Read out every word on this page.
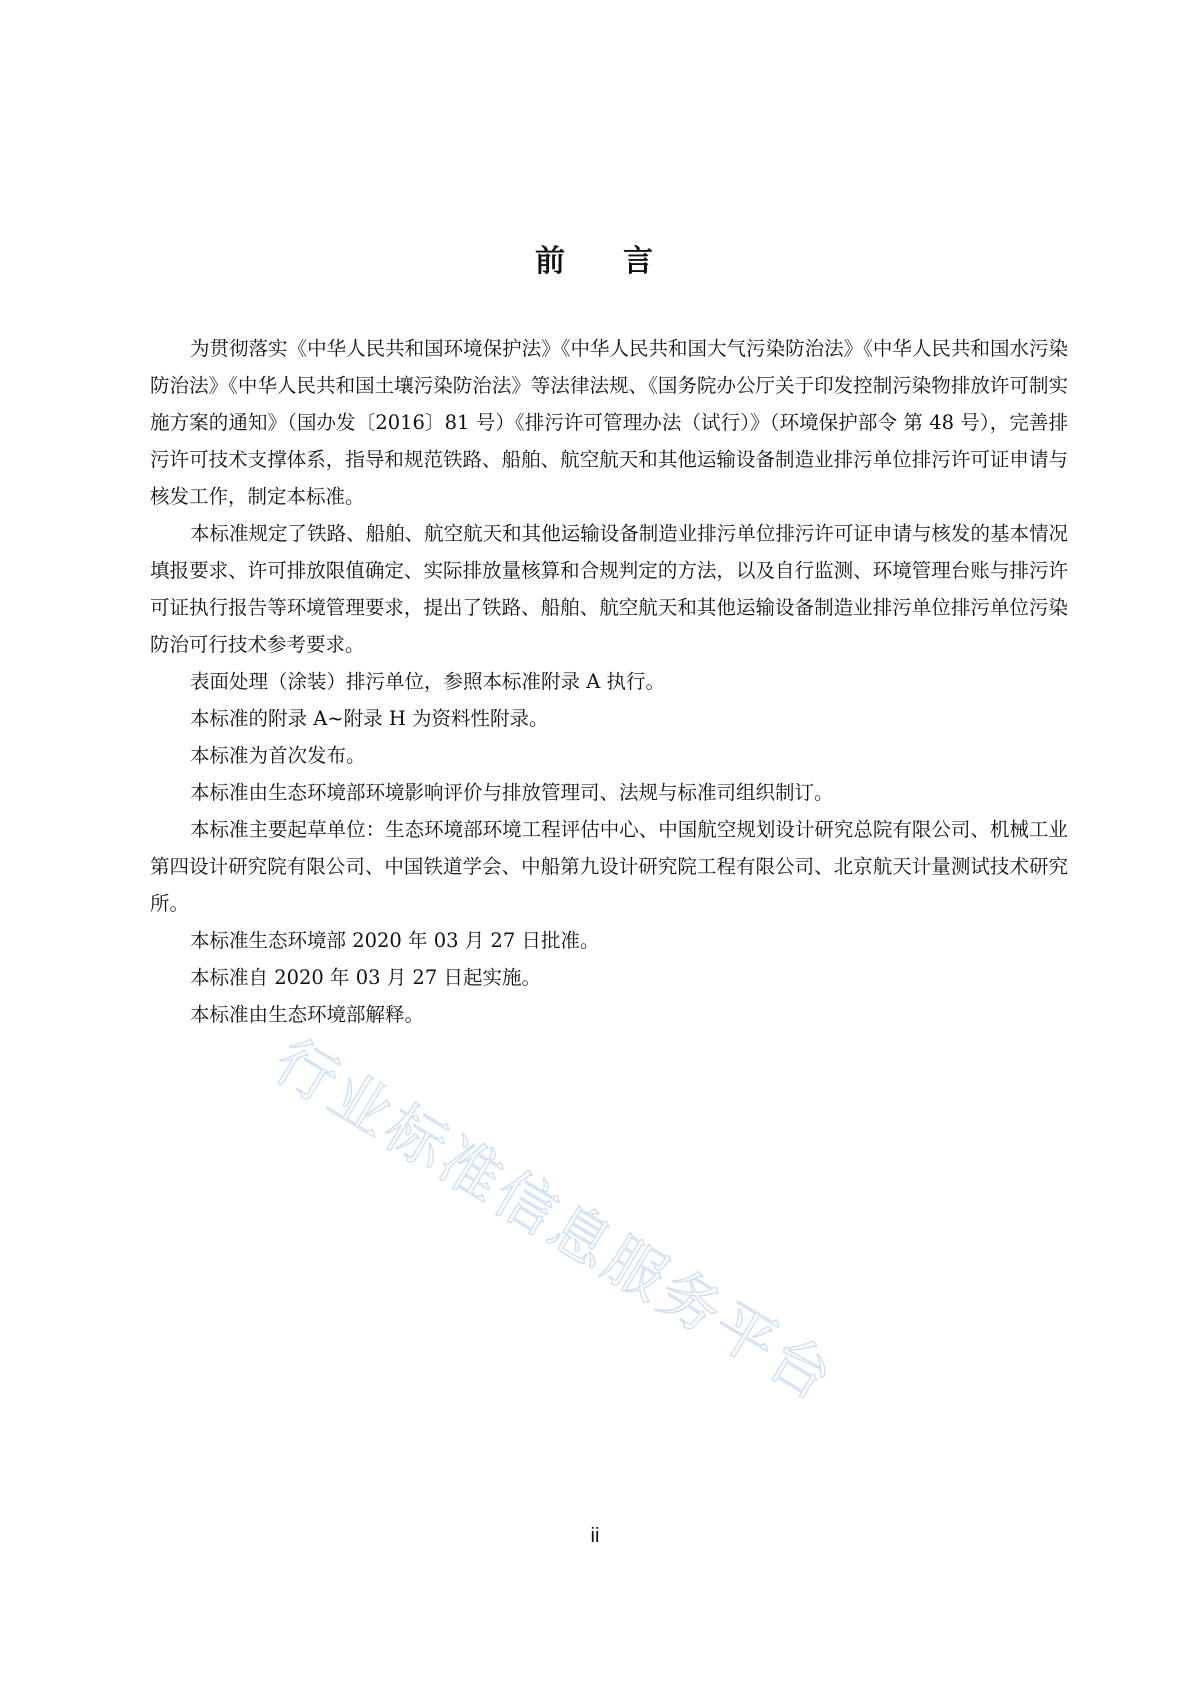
前 言

为贯彻落实《中华人民共和国环境保护法》《中华人民共和国大气污染防治法》《中华人民共和国水污染防治法》《中华人民共和国土壤污染防治法》等法律法规、《国务院办公厅关于印发控制污染物排放许可制实施方案的通知》（国办发〔2016〕81 号）《排污许可管理办法（试行）》（环境保护部令 第 48 号），完善排污许可技术支撑体系，指导和规范铁路、船舶、航空航天和其他运输设备制造业排污单位排污许可证申请与核发工作，制定本标准。

本标准规定了铁路、船舶、航空航天和其他运输设备制造业排污单位排污许可证申请与核发的基本情况填报要求、许可排放限值确定、实际排放量核算和合规判定的方法，以及自行监测、环境管理台账与排污许可证执行报告等环境管理要求，提出了铁路、船舶、航空航天和其他运输设备制造业排污单位排污单位污染防治可行技术参考要求。

表面处理（涂装）排污单位，参照本标准附录 A 执行。

本标准的附录 A~附录 H 为资料性附录。

本标准为首次发布。

本标准由生态环境部环境影响评价与排放管理司、法规与标准司组织制订。

本标准主要起草单位：生态环境部环境工程评估中心、中国航空规划设计研究总院有限公司、机械工业第四设计研究院有限公司、中国铁道学会、中船第九设计研究院工程有限公司、北京航天计量测试技术研究所。

本标准生态环境部 2020 年 03 月 27 日批准。

本标准自 2020 年 03 月 27 日起实施。

本标准由生态环境部解释。

行业标准信息服务平台
ii
